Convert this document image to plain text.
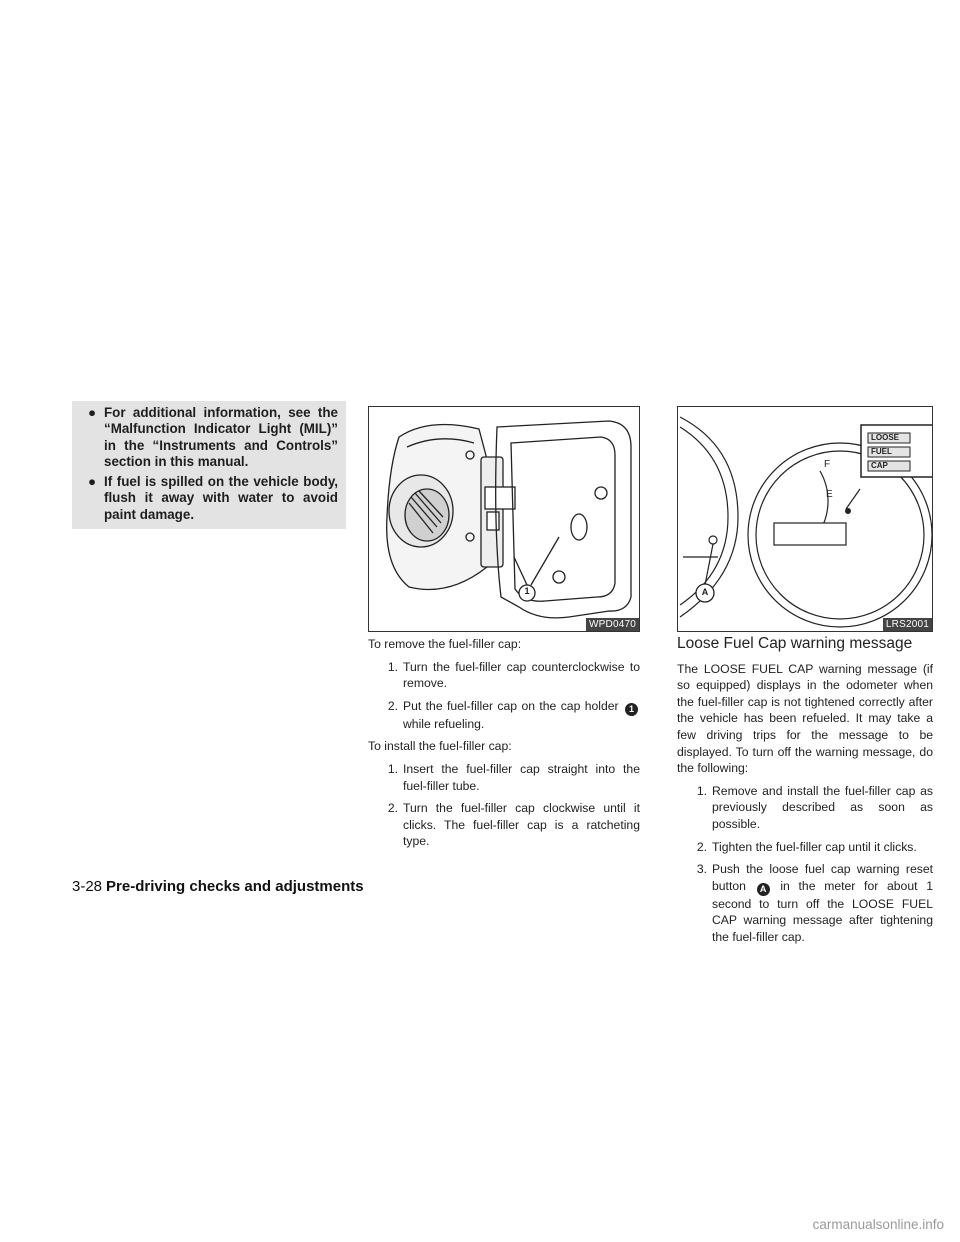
● For additional information, see the “Malfunction Indicator Light (MIL)” in the “Instruments and Controls” section in this manual.
● If fuel is spilled on the vehicle body, flush it away with water to avoid paint damage.
1
WPD0470
LOOSE
FUEL
CAP
F
E
A
LRS2001

To remove the fuel-filler cap:

1. Turn the fuel-filler cap counterclockwise to remove.
2. Put the fuel-filler cap on the cap holder 1 while refueling.

To install the fuel-filler cap:

1. Insert the fuel-filler cap straight into the fuel-filler tube.
2. Turn the fuel-filler cap clockwise until it clicks. The fuel-filler cap is a ratcheting type.
Loose Fuel Cap warning message

The LOOSE FUEL CAP warning message (if so equipped) displays in the odometer when the fuel-filler cap is not tightened correctly after the vehicle has been refueled. It may take a few driving trips for the message to be displayed. To turn off the warning message, do the following:

1. Remove and install the fuel-filler cap as previously described as soon as possible.
2. Tighten the fuel-filler cap until it clicks.
3. Push the loose fuel cap warning reset button A in the meter for about 1 second to turn off the LOOSE FUEL CAP warning message after tightening the fuel-filler cap.
3-28 Pre-driving checks and adjustments
carmanualsonline.info
